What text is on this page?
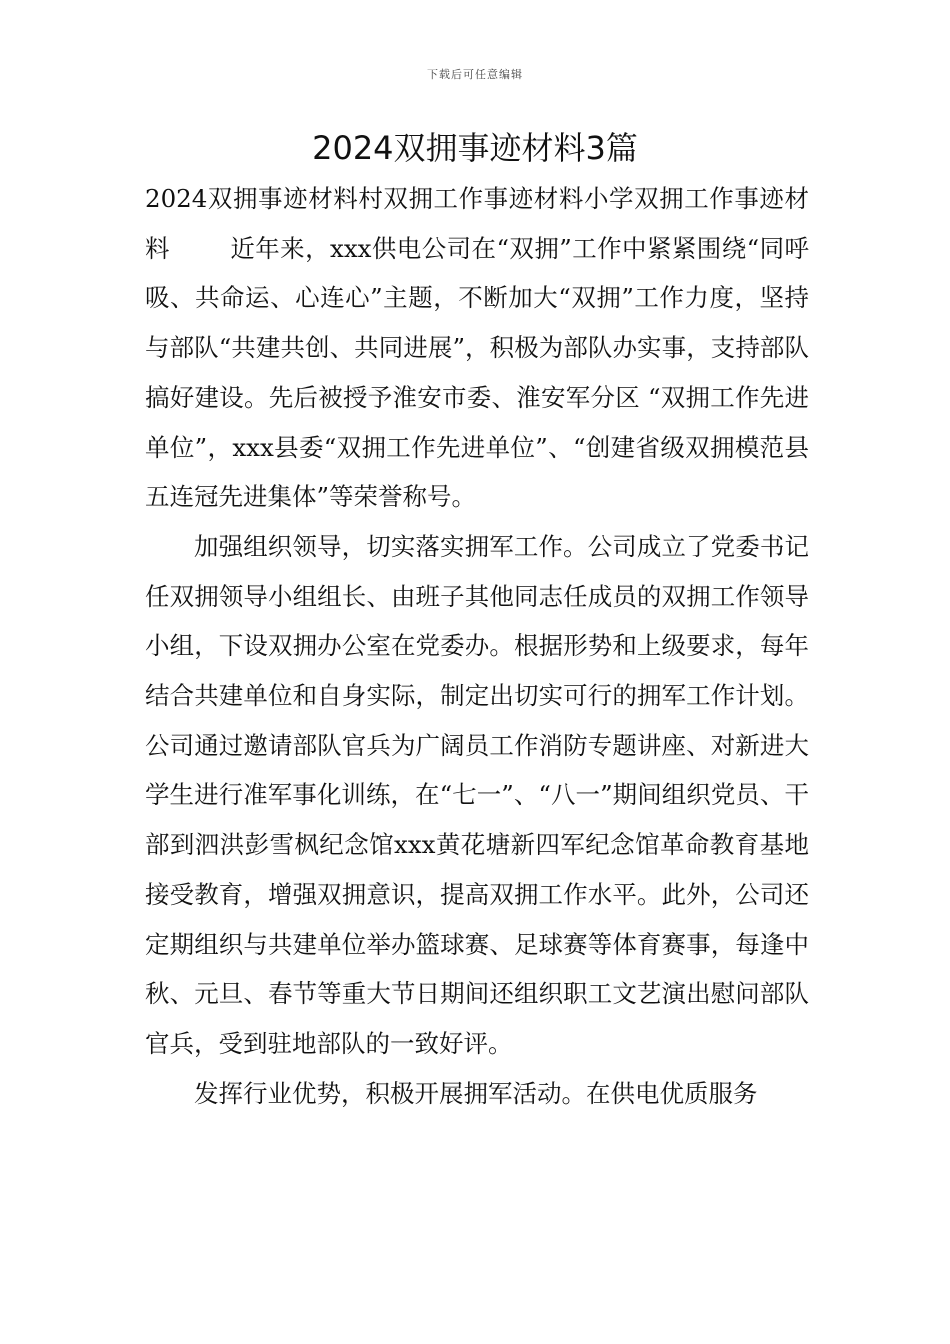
下载后可任意编辑
2024双拥事迹材料3篇

2024双拥事迹材料村双拥工作事迹材料小学双拥工作事迹材料 近年来，xxx供电公司在“双拥”工作中紧紧围绕“同呼吸、共命运、心连心”主题，不断加大“双拥”工作力度，坚持与部队“共建共创、共同进展”，积极为部队办实事，支持部队搞好建设。先后被授予淮安市委、淮安军分区 “双拥工作先进单位”，xxx县委“双拥工作先进单位”、“创建省级双拥模范县五连冠先进集体”等荣誉称号。

加强组织领导，切实落实拥军工作。公司成立了党委书记任双拥领导小组组长、由班子其他同志任成员的双拥工作领导小组，下设双拥办公室在党委办。根据形势和上级要求，每年结合共建单位和自身实际，制定出切实可行的拥军工作计划。公司通过邀请部队官兵为广阔员工作消防专题讲座、对新进大学生进行准军事化训练，在“七一”、“八一”期间组织党员、干部到泗洪彭雪枫纪念馆xxx黄花塘新四军纪念馆革命教育基地接受教育，增强双拥意识，提高双拥工作水平。此外，公司还定期组织与共建单位举办篮球赛、足球赛等体育赛事，每逢中秋、元旦、春节等重大节日期间还组织职工文艺演出慰问部队官兵，受到驻地部队的一致好评。

发挥行业优势，积极开展拥军活动。在供电优质服务
